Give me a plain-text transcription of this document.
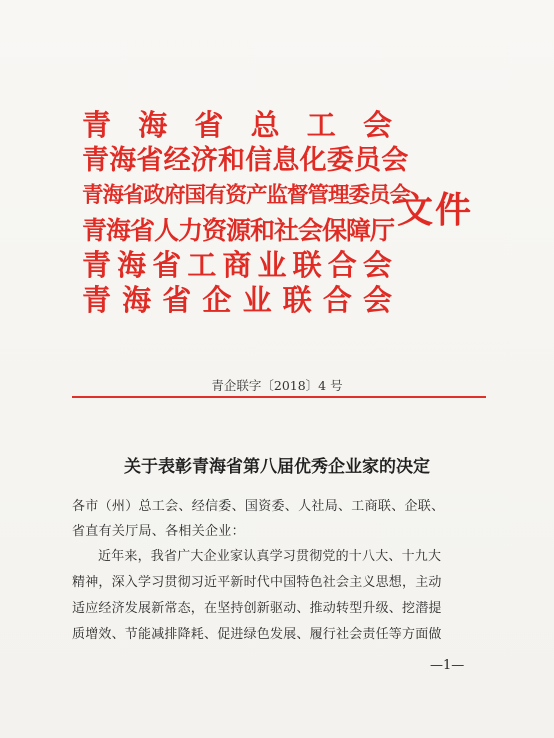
青 海 省 总 工 会
青海省经济和信息化委员会
青海省政府国有资产监督管理委员会
青海省人力资源和社会保障厅
青 海 省 工 商 业 联 合 会
青 海 省 企 业 联 合 会
文件
青企联字〔2018〕4 号
关于表彰青海省第八届优秀企业家的决定
各市（州）总工会、经信委、国资委、人社局、工商联、企联、
省直有关厅局、各相关企业：
近年来，我省广大企业家认真学习贯彻党的十八大、十九大
精神，深入学习贯彻习近平新时代中国特色社会主义思想，主动
适应经济发展新常态，在坚持创新驱动、推动转型升级、挖潜提
质增效、节能减排降耗、促进绿色发展、履行社会责任等方面做
—1—
